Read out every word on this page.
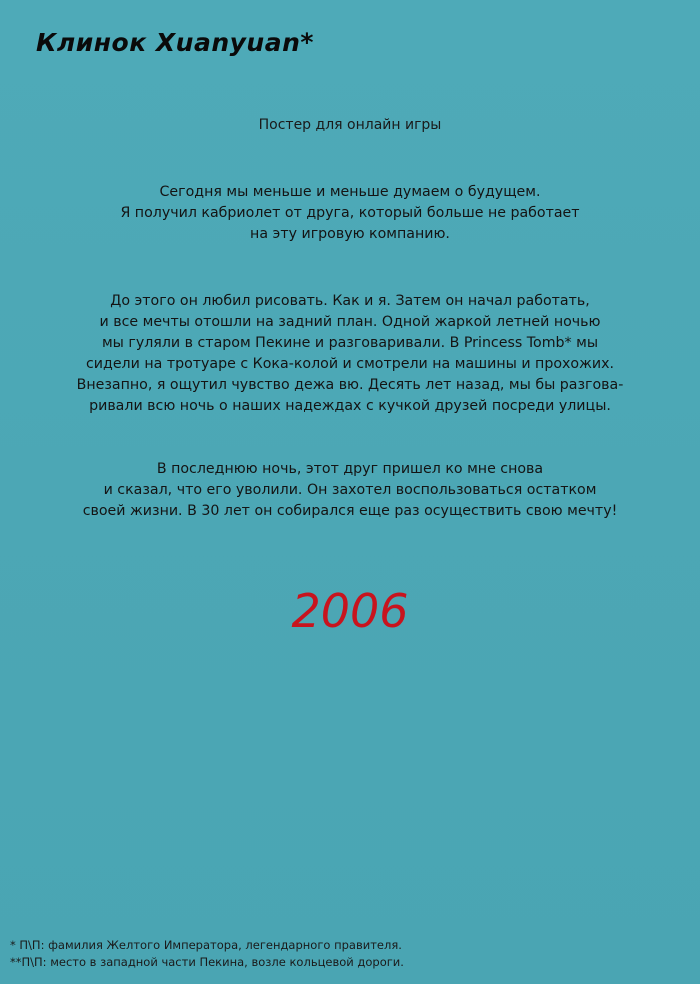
Клинок Xuanyuan*
Постер для онлайн игры
Сегодня мы меньше и меньше думаем о будущем.
Я получил кабриолет от друга, который больше не работает
на эту игровую компанию.
До этого он любил рисовать. Как и я. Затем он начал работать,
и все мечты отошли на задний план. Одной жаркой летней ночью
мы гуляли в старом Пекине и разговаривали. В Princess Tomb* мы
сидели на тротуаре с Кока-колой и смотрели на машины и прохожих.
Внезапно, я ощутил чувство дежа вю. Десять лет назад, мы бы разгова-
ривали всю ночь о наших надеждах с кучкой друзей посреди улицы.
В последнюю ночь, этот друг пришел ко мне снова
и сказал, что его уволили. Он захотел воспользоваться остатком
своей жизни. В 30 лет он собирался еще раз осуществить свою мечту!
2006
* П\П: фамилия Желтого Императора, легендарного правителя.
**П\П: место в западной части Пекина, возле кольцевой дороги.
